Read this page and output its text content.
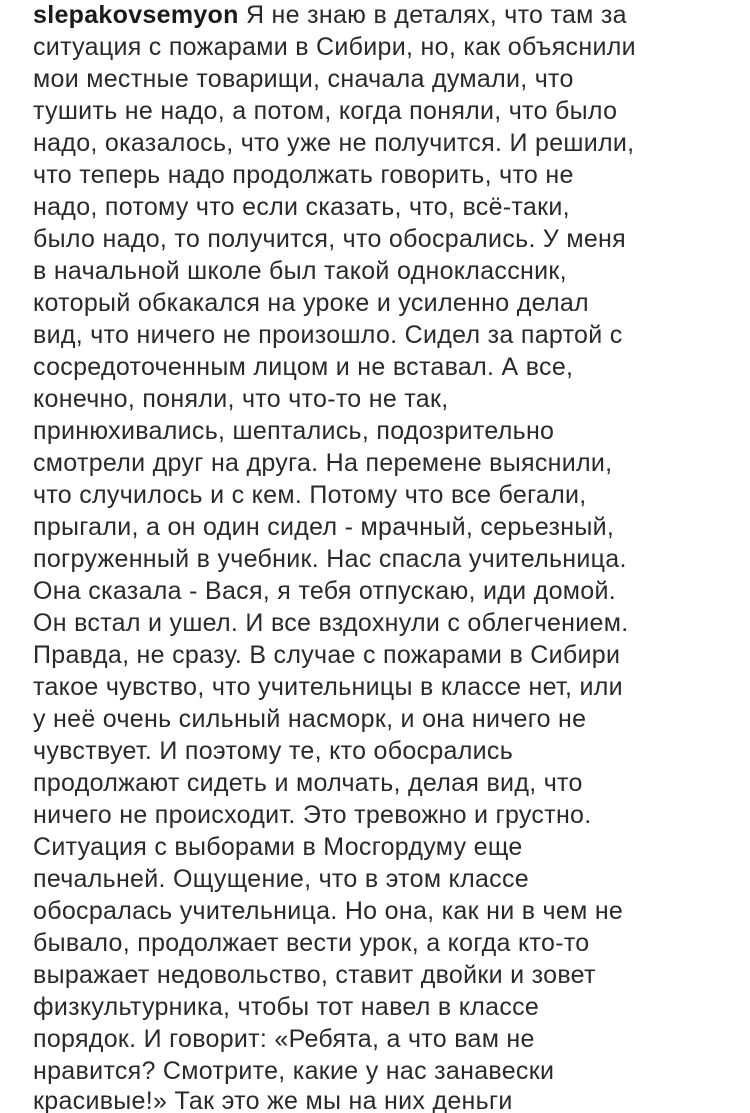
slepakovsemyon Я не знаю в деталях, что там за
ситуация с пожарами в Сибири, но, как объяснили
мои местные товарищи, сначала думали, что
тушить не надо, а потом, когда поняли, что было
надо, оказалось, что уже не получится. И решили,
что теперь надо продолжать говорить, что не
надо, потому что если сказать, что, всё-таки,
было надо, то получится, что обосрались. У меня
в начальной школе был такой одноклассник,
который обкакался на уроке и усиленно делал
вид, что ничего не произошло. Сидел за партой с
сосредоточенным лицом и не вставал. А все,
конечно, поняли, что что-то не так,
принюхивались, шептались, подозрительно
смотрели друг на друга. На перемене выяснили,
что случилось и с кем. Потому что все бегали,
прыгали, а он один сидел - мрачный, серьезный,
погруженный в учебник. Нас спасла учительница.
Она сказала - Вася, я тебя отпускаю, иди домой.
Он встал и ушел. И все вздохнули с облегчением.
Правда, не сразу. В случае с пожарами в Сибири
такое чувство, что учительницы в классе нет, или
у неё очень сильный насморк, и она ничего не
чувствует. И поэтому те, кто обосрались
продолжают сидеть и молчать, делая вид, что
ничего не происходит. Это тревожно и грустно.
Ситуация с выборами в Мосгордуму еще
печальней. Ощущение, что в этом классе
обосралась учительница. Но она, как ни в чем не
бывало, продолжает вести урок, а когда кто-то
выражает недовольство, ставит двойки и зовет
физкультурника, чтобы тот навел в классе
порядок. И говорит: «Ребята, а что вам не
нравится? Смотрите, какие у нас занавески
красивые!» Так это же мы на них деньги
